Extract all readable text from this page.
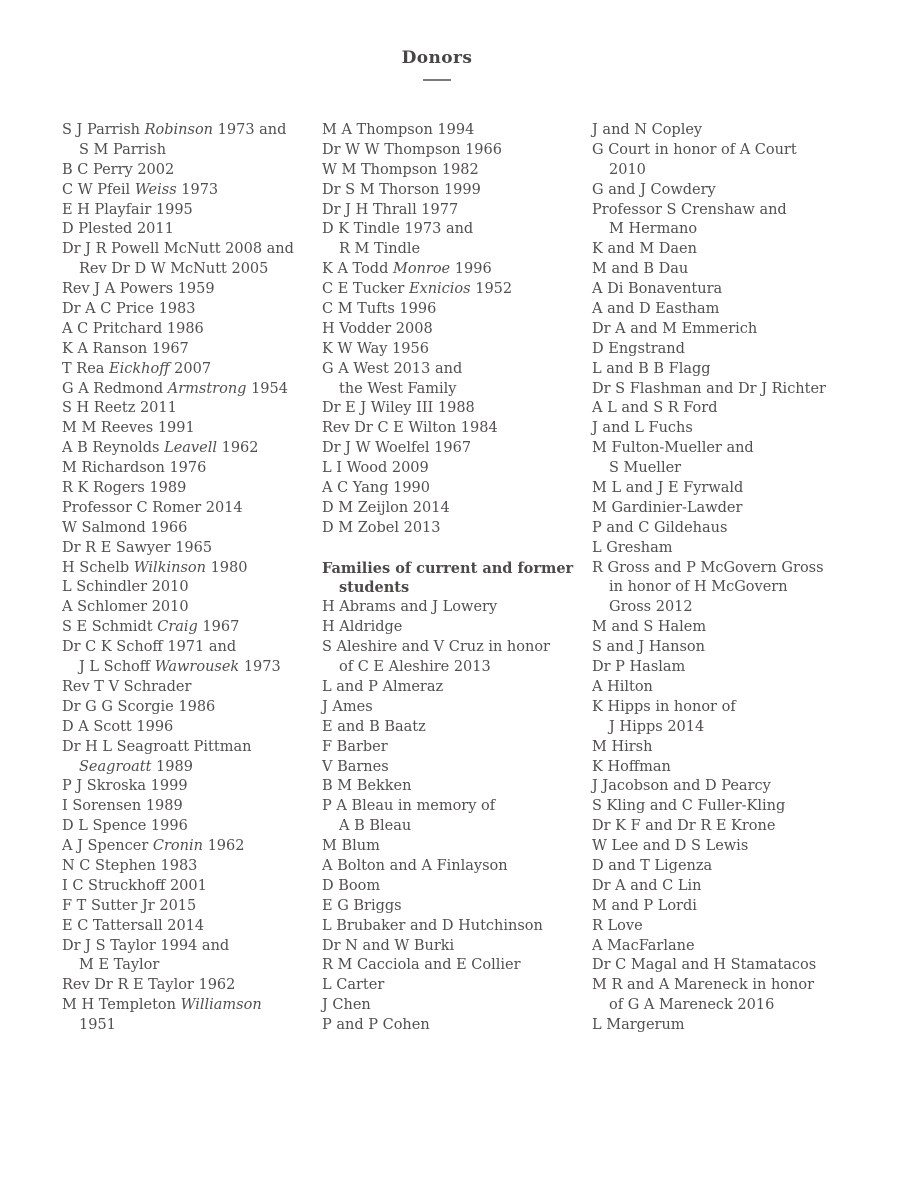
Donors
S J Parrish Robinson 1973 and
S M Parrish
B C Perry 2002
C W Pfeil Weiss 1973
E H Playfair 1995
D Plested 2011
Dr J R Powell McNutt 2008 and
Rev Dr D W McNutt 2005
Rev J A Powers 1959
Dr A C Price 1983
A C Pritchard 1986
K A Ranson 1967
T Rea Eickhoff 2007
G A Redmond Armstrong 1954
S H Reetz 2011
M M Reeves 1991
A B Reynolds Leavell 1962
M Richardson 1976
R K Rogers 1989
Professor C Romer 2014
W Salmond 1966
Dr R E Sawyer 1965
H Schelb Wilkinson 1980
L Schindler 2010
A Schlomer 2010
S E Schmidt Craig 1967
Dr C K Schoff 1971 and
J L Schoff Wawrousek 1973
Rev T V Schrader
Dr G G Scorgie 1986
D A Scott 1996
Dr H L Seagroatt Pittman
Seagroatt 1989
P J Skroska 1999
I Sorensen 1989
D L Spence 1996
A J Spencer Cronin 1962
N C Stephen 1983
I C Struckhoff 2001
F T Sutter Jr 2015
E C Tattersall 2014
Dr J S Taylor 1994 and
M E Taylor
Rev Dr R E Taylor 1962
M H Templeton Williamson
1951
M A Thompson 1994
Dr W W Thompson 1966
W M Thompson 1982
Dr S M Thorson 1999
Dr J H Thrall 1977
D K Tindle 1973 and
R M Tindle
K A Todd Monroe 1996
C E Tucker Exnicios 1952
C M Tufts 1996
H Vodder 2008
K W Way 1956
G A West 2013 and
the West Family
Dr E J Wiley III 1988
Rev Dr C E Wilton 1984
Dr J W Woelfel 1967
L I Wood 2009
A C Yang 1990
D M Zeijlon 2014
D M Zobel 2013
Families of current and former
students
H Abrams and J Lowery
H Aldridge
S Aleshire and V Cruz in honor
of C E Aleshire 2013
L and P Almeraz
J Ames
E and B Baatz
F Barber
V Barnes
B M Bekken
P A Bleau in memory of
A B Bleau
M Blum
A Bolton and A Finlayson
D Boom
E G Briggs
L Brubaker and D Hutchinson
Dr N and W Burki
R M Cacciola and E Collier
L Carter
J Chen
P and P Cohen
J and N Copley
G Court in honor of A Court
2010
G and J Cowdery
Professor S Crenshaw and
M Hermano
K and M Daen
M and B Dau
A Di Bonaventura
A and D Eastham
Dr A and M Emmerich
D Engstrand
L and B B Flagg
Dr S Flashman and Dr J Richter
A L and S R Ford
J and L Fuchs
M Fulton-Mueller and
S Mueller
M L and J E Fyrwald
M Gardinier-Lawder
P and C Gildehaus
L Gresham
R Gross and P McGovern Gross
in honor of H McGovern
Gross 2012
M and S Halem
S and J Hanson
Dr P Haslam
A Hilton
K Hipps in honor of
J Hipps 2014
M Hirsh
K Hoffman
J Jacobson and D Pearcy
S Kling and C Fuller-Kling
Dr K F and Dr R E Krone
W Lee and D S Lewis
D and T Ligenza
Dr A and C Lin
M and P Lordi
R Love
A MacFarlane
Dr C Magal and H Stamatacos
M R and A Mareneck in honor
of G A Mareneck 2016
L Margerum
